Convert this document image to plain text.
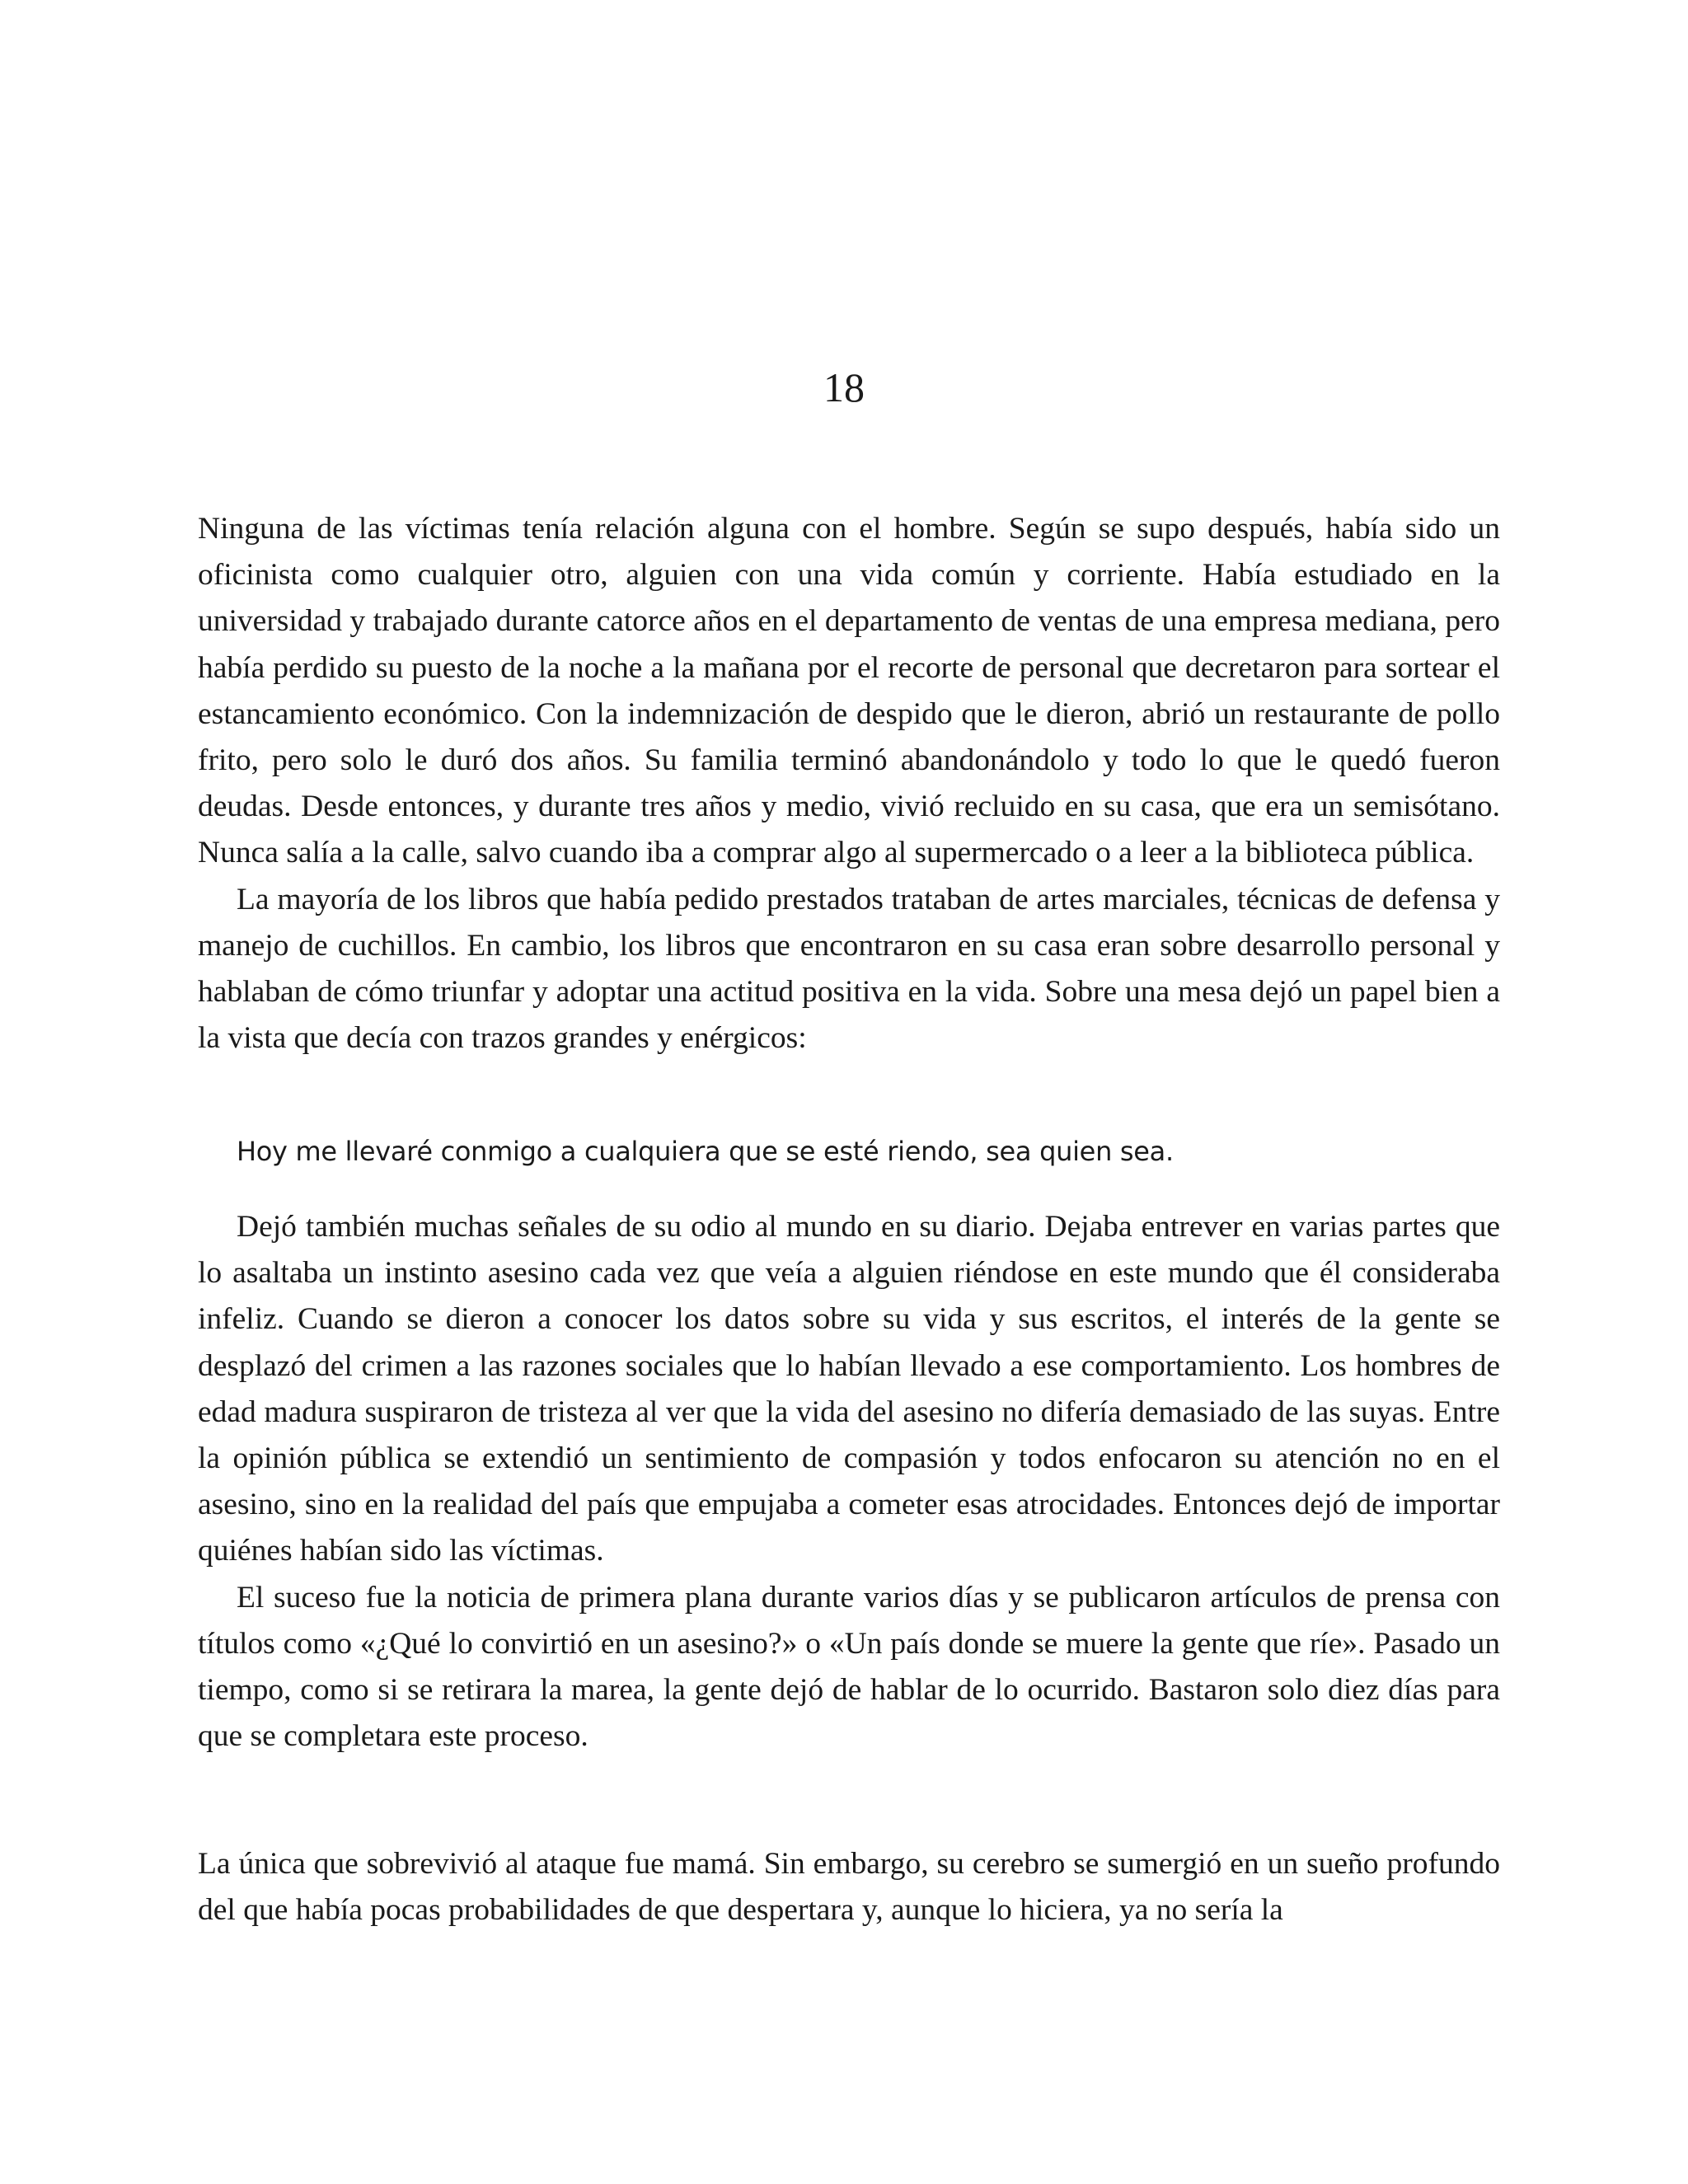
18

Ninguna de las víctimas tenía relación alguna con el hombre. Según se supo después, había sido un oficinista como cualquier otro, alguien con una vida común y corriente. Había estudiado en la universidad y trabajado durante catorce años en el departamento de ventas de una empresa mediana, pero había perdido su puesto de la noche a la mañana por el recorte de personal que decretaron para sortear el estancamiento económico. Con la indemnización de despido que le dieron, abrió un restaurante de pollo frito, pero solo le duró dos años. Su familia terminó abandonándolo y todo lo que le quedó fueron deudas. Desde entonces, y durante tres años y medio, vivió recluido en su casa, que era un semisótano. Nunca salía a la calle, salvo cuando iba a comprar algo al supermercado o a leer a la biblioteca pública.

La mayoría de los libros que había pedido prestados trataban de artes marciales, técnicas de defensa y manejo de cuchillos. En cambio, los libros que encontraron en su casa eran sobre desarrollo personal y hablaban de cómo triunfar y adoptar una actitud positiva en la vida. Sobre una mesa dejó un papel bien a la vista que decía con trazos grandes y enérgicos:

Hoy me llevaré conmigo a cualquiera que se esté riendo, sea quien sea.

Dejó también muchas señales de su odio al mundo en su diario. Dejaba entrever en varias partes que lo asaltaba un instinto asesino cada vez que veía a alguien riéndose en este mundo que él consideraba infeliz. Cuando se dieron a conocer los datos sobre su vida y sus escritos, el interés de la gente se desplazó del crimen a las razones sociales que lo habían llevado a ese comportamiento. Los hombres de edad madura suspiraron de tristeza al ver que la vida del asesino no difería demasiado de las suyas. Entre la opinión pública se extendió un sentimiento de compasión y todos enfocaron su atención no en el asesino, sino en la realidad del país que empujaba a cometer esas atrocidades. Entonces dejó de importar quiénes habían sido las víctimas.

El suceso fue la noticia de primera plana durante varios días y se publicaron artículos de prensa con títulos como «¿Qué lo convirtió en un asesino?» o «Un país donde se muere la gente que ríe». Pasado un tiempo, como si se retirara la marea, la gente dejó de hablar de lo ocurrido. Bastaron solo diez días para que se completara este proceso.

La única que sobrevivió al ataque fue mamá. Sin embargo, su cerebro se sumergió en un sueño profundo del que había pocas probabilidades de que despertara y, aunque lo hiciera, ya no sería la
